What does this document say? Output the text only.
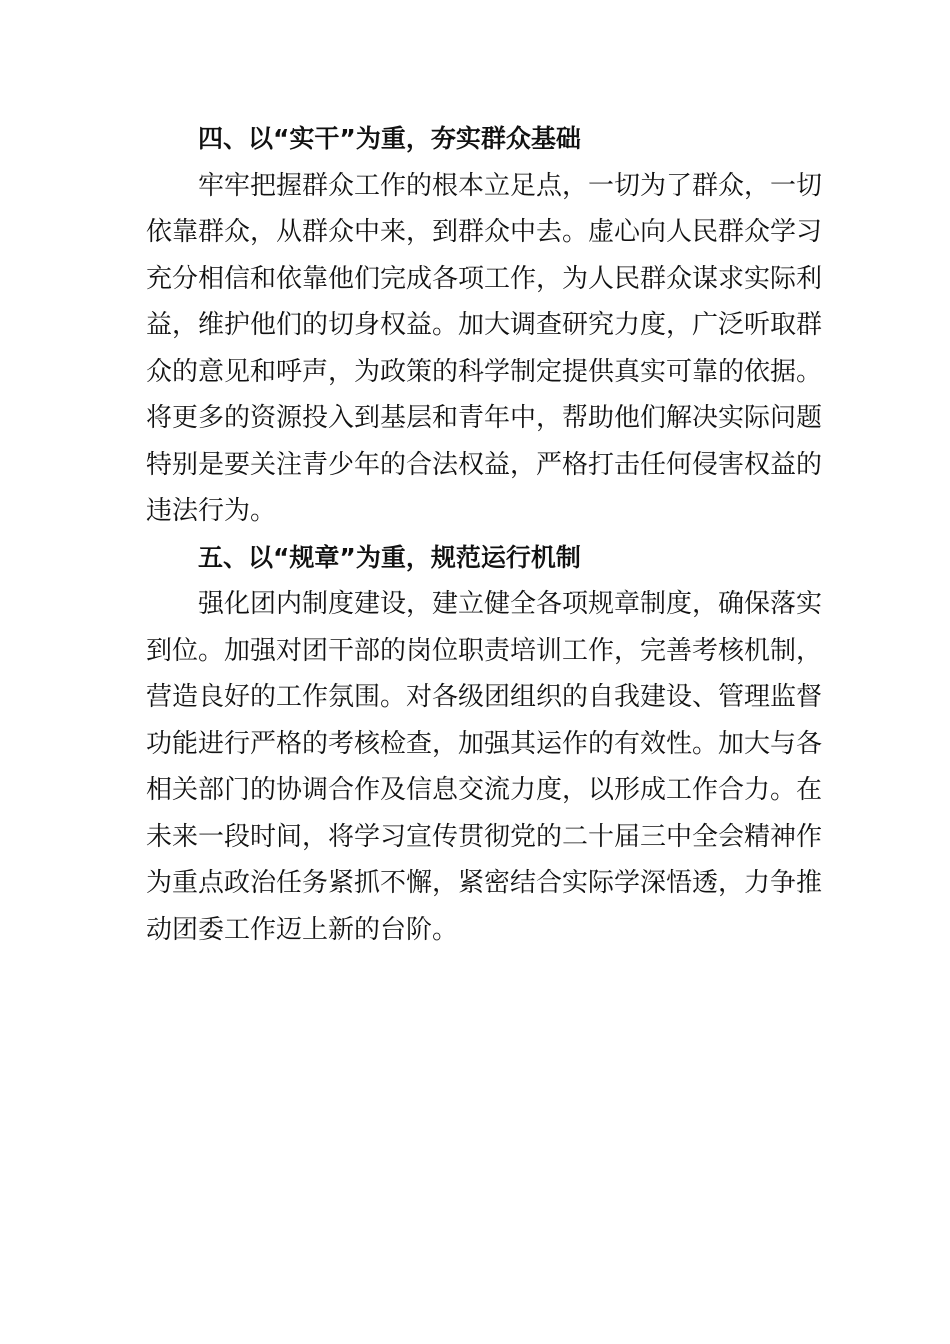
四、以“实干”为重，夯实群众基础
牢牢把握群众工作的根本立足点，一切为了群众，一切
依靠群众，从群众中来，到群众中去。虚心向人民群众学习
充分相信和依靠他们完成各项工作，为人民群众谋求实际利
益，维护他们的切身权益。加大调查研究力度，广泛听取群
众的意见和呼声，为政策的科学制定提供真实可靠的依据。
将更多的资源投入到基层和青年中，帮助他们解决实际问题
特别是要关注青少年的合法权益，严格打击任何侵害权益的
违法行为。
五、以“规章”为重，规范运行机制
强化团内制度建设，建立健全各项规章制度，确保落实
到位。加强对团干部的岗位职责培训工作，完善考核机制，
营造良好的工作氛围。对各级团组织的自我建设、管理监督
功能进行严格的考核检查，加强其运作的有效性。加大与各
相关部门的协调合作及信息交流力度，以形成工作合力。在
未来一段时间，将学习宣传贯彻党的二十届三中全会精神作
为重点政治任务紧抓不懈，紧密结合实际学深悟透，力争推
动团委工作迈上新的台阶。
